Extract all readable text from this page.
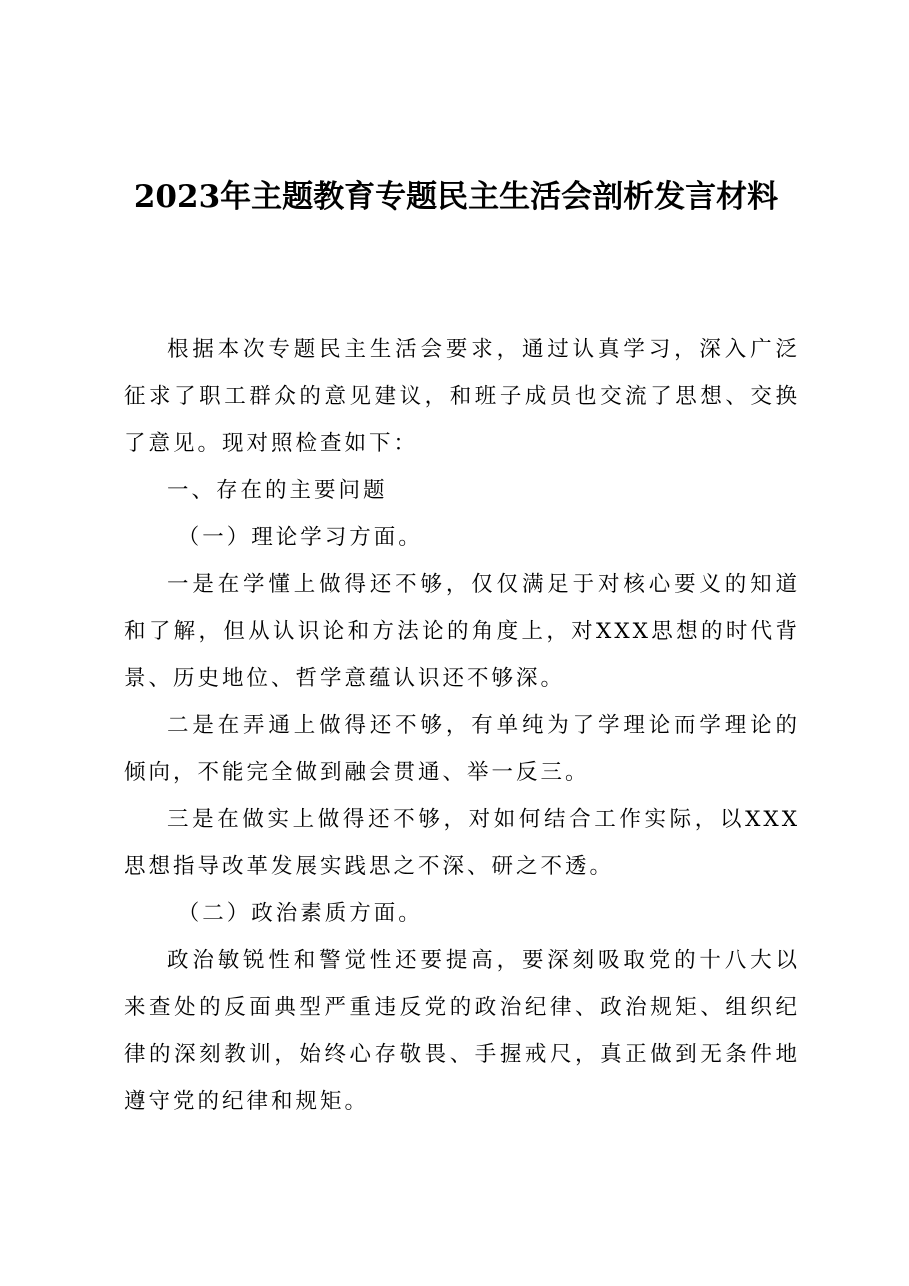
2023年主题教育专题民主生活会剖析发言材料

根据本次专题民主生活会要求，通过认真学习，深入广泛征求了职工群众的意见建议，和班子成员也交流了思想、交换了意见。现对照检查如下：

一、存在的主要问题

（一）理论学习方面。

一是在学懂上做得还不够，仅仅满足于对核心要义的知道和了解，但从认识论和方法论的角度上，对XXX思想的时代背景、历史地位、哲学意蕴认识还不够深。

二是在弄通上做得还不够，有单纯为了学理论而学理论的倾向，不能完全做到融会贯通、举一反三。

三是在做实上做得还不够，对如何结合工作实际，以XXX思想指导改革发展实践思之不深、研之不透。

（二）政治素质方面。

政治敏锐性和警觉性还要提高，要深刻吸取党的十八大以来查处的反面典型严重违反党的政治纪律、政治规矩、组织纪律的深刻教训，始终心存敬畏、手握戒尺，真正做到无条件地遵守党的纪律和规矩。
